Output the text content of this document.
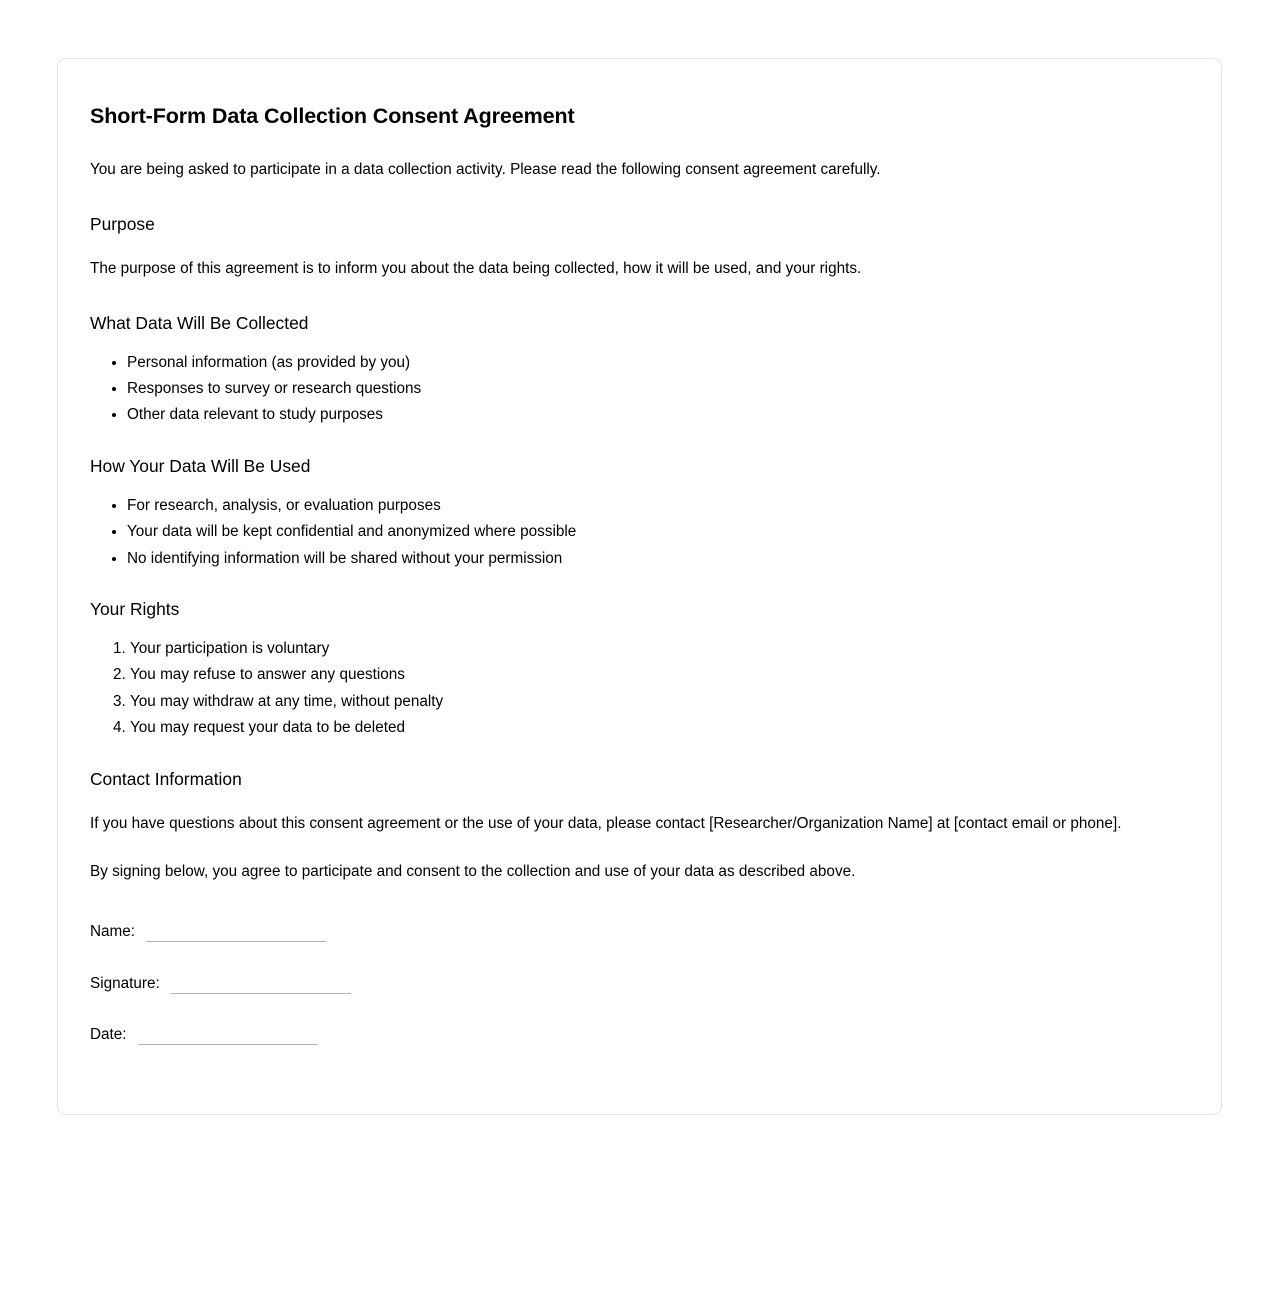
Short-Form Data Collection Consent Agreement

You are being asked to participate in a data collection activity. Please read the following consent agreement carefully.

Purpose

The purpose of this agreement is to inform you about the data being collected, how it will be used, and your rights.

What Data Will Be Collected
• Personal information (as provided by you)
• Responses to survey or research questions
• Other data relevant to study purposes
How Your Data Will Be Used
• For research, analysis, or evaluation purposes
• Your data will be kept confidential and anonymized where possible
• No identifying information will be shared without your permission
Your Rights
1. Your participation is voluntary
2. You may refuse to answer any questions
3. You may withdraw at any time, without penalty
4. You may request your data to be deleted
Contact Information

If you have questions about this consent agreement or the use of your data, please contact [Researcher/Organization Name] at [contact email or phone].

By signing below, you agree to participate and consent to the collection and use of your data as described above.

Name:
Signature:
Date:
